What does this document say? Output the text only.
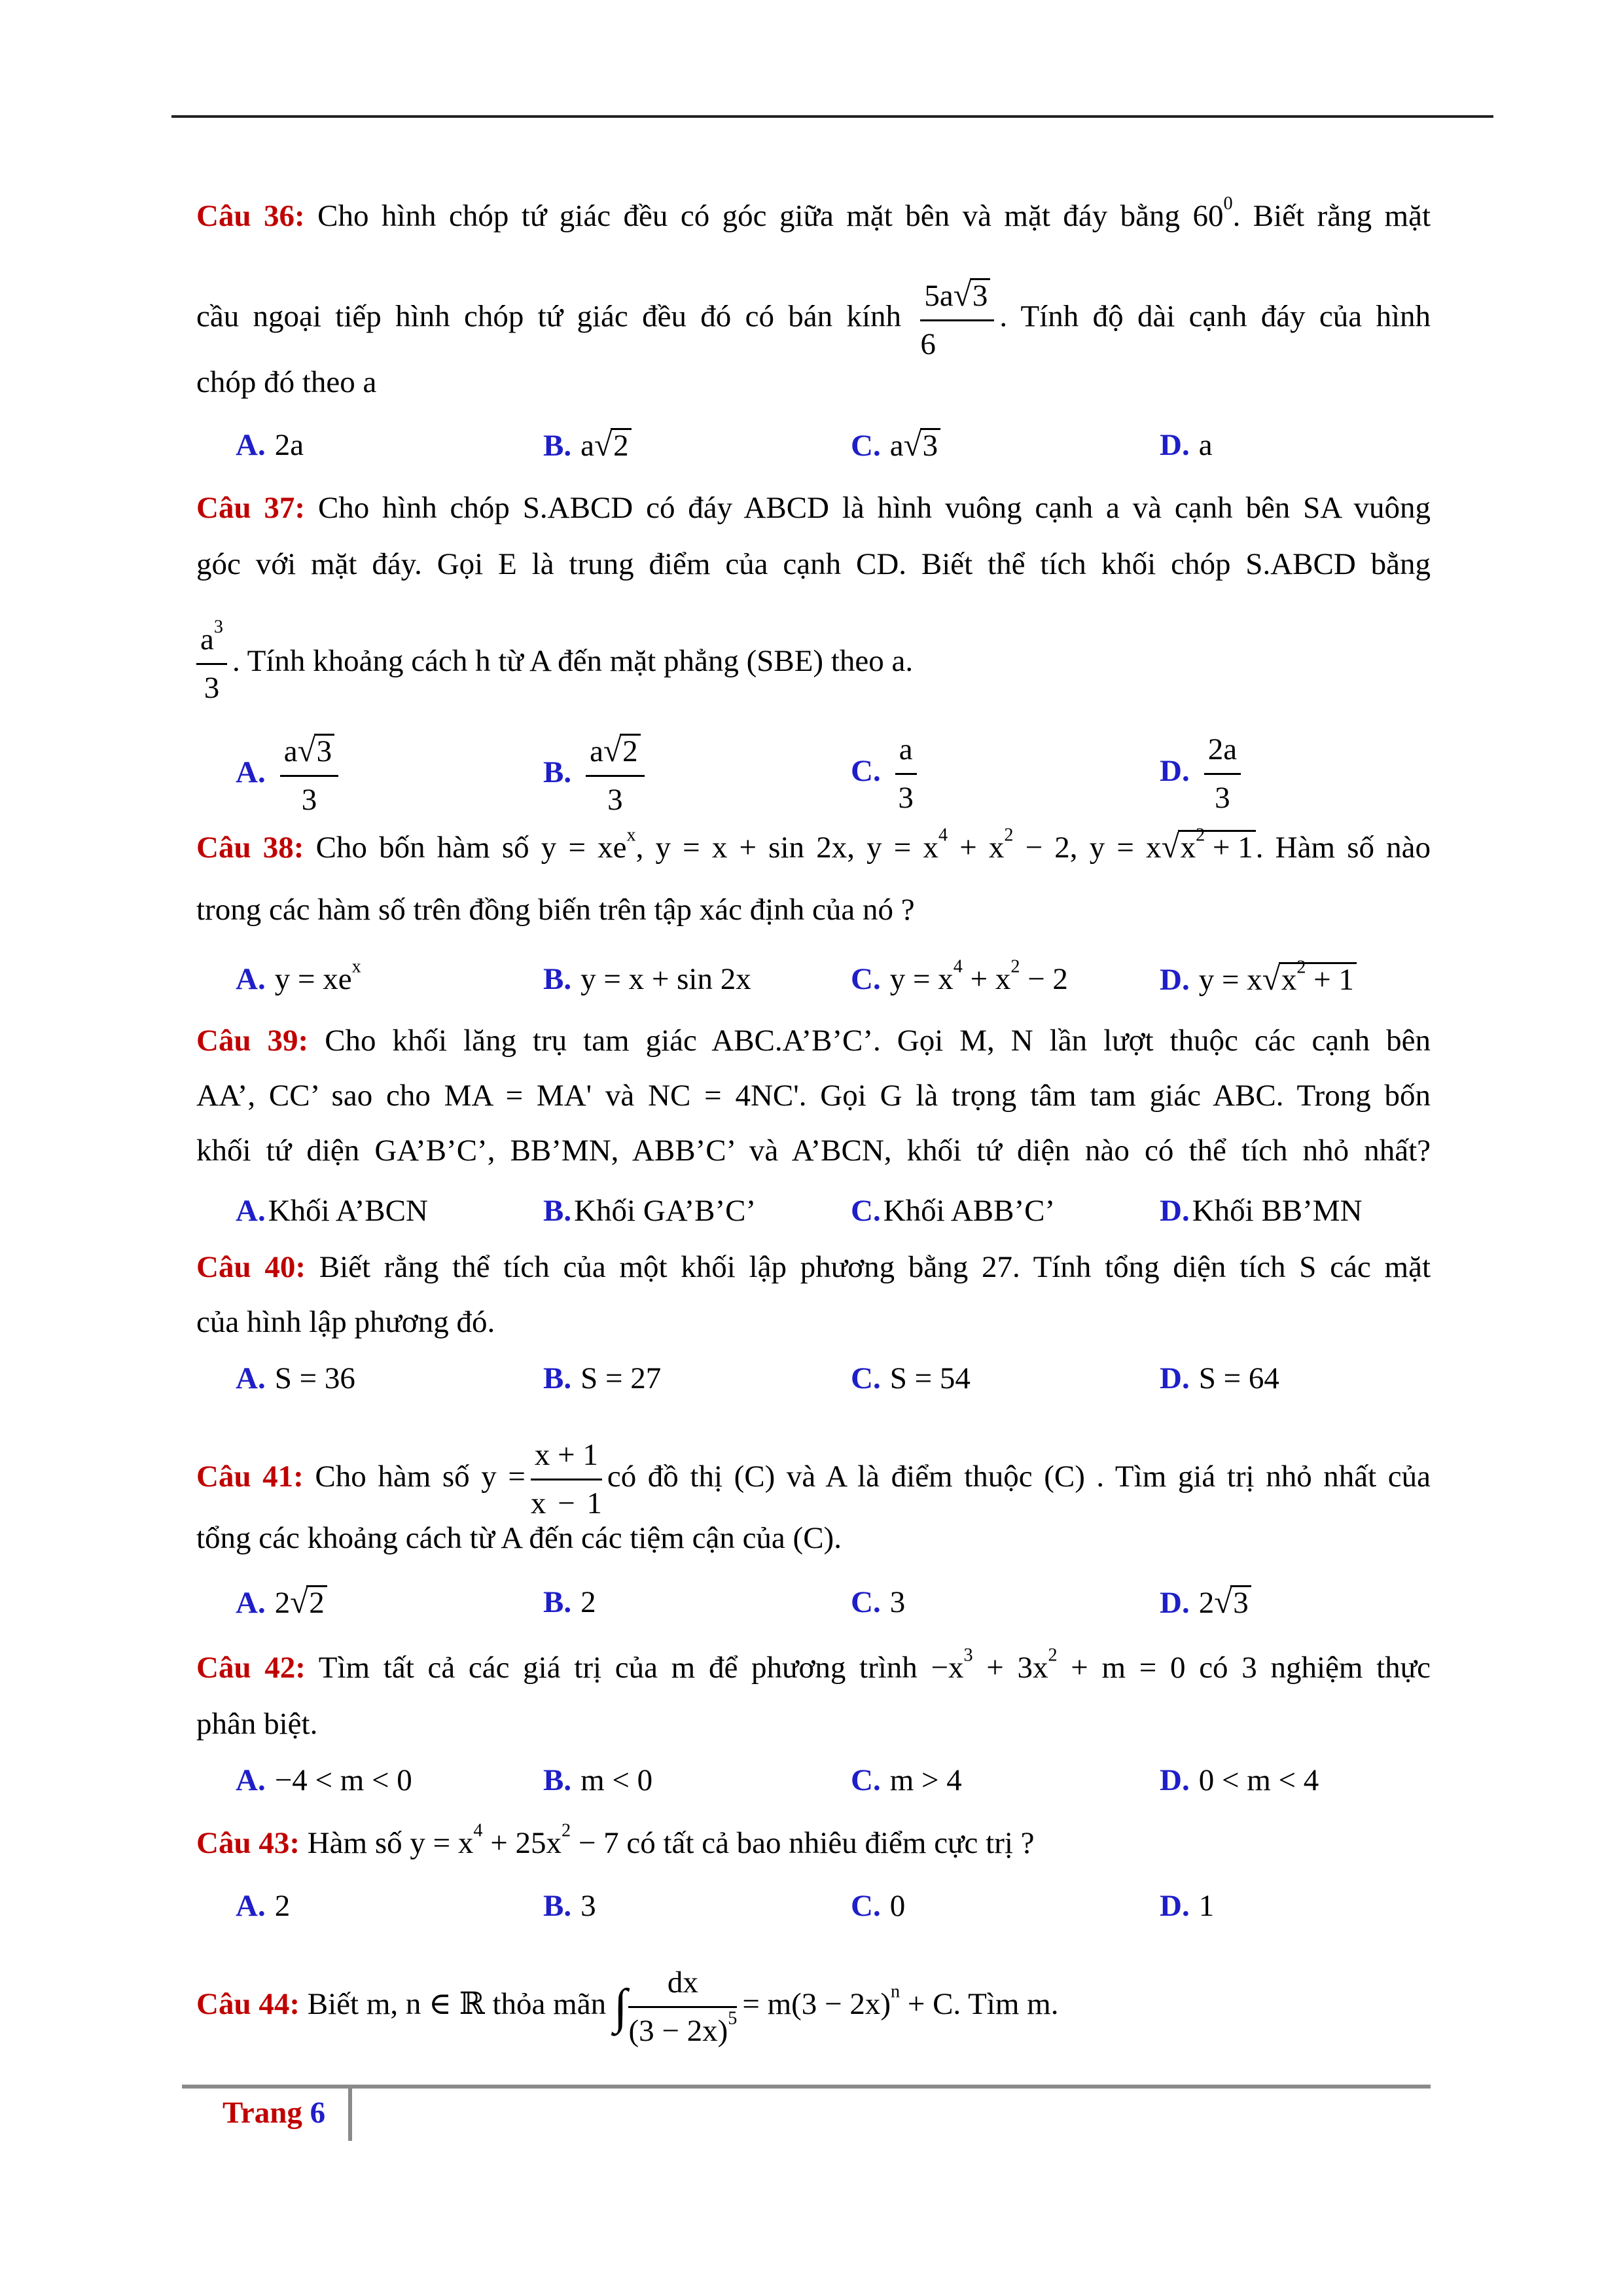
Câu 36: Cho hình chóp tứ giác đều có góc giữa mặt bên và mặt đáy bằng $60^0$. Biết rằng mặt
cầu ngoại tiếp hình chóp tứ giác đều đó có bán kính $\frac{5a√3}{6}$ . Tính độ dài cạnh đáy của hình
chóp đó theo a
A. 2a	B. a√2	C. a√3	D. a
Câu 37: Cho hình chóp S.ABCD có đáy ABCD là hình vuông cạnh a và cạnh bên SA vuông
góc với mặt đáy. Gọi E là trung điểm của cạnh CD. Biết thể tích khối chóp S.ABCD bằng
$\frac{a^3}{3}$ . Tính khoảng cách h từ A đến mặt phẳng (SBE) theo a.
A. $\frac{a√3}{3}$	B. $\frac{a√2}{3}$	C. $\frac{a}{3}$	D. $\frac{2a}{3}$
Câu 38: Cho bốn hàm số $y = xe^x$, y = x + sin 2x, $y = x^4 + x^2 - 2$, $y = x√x^2 + 1$. Hàm số nào
trong các hàm số trên đồng biến trên tập xác định của nó ?
A. $y = xe^x$	B. y = x + sin 2x	C. $y = x^4 + x^2 - 2$	D. $y = x√x^2 + 1$
Câu 39: Cho khối lăng trụ tam giác ABC.A’B’C’. Gọi M, N lần lượt thuộc các cạnh bên
AA’, CC’ sao cho MA = MA' và NC = 4NC'. Gọi G là trọng tâm tam giác ABC. Trong bốn
khối tứ diện GA’B’C’, BB’MN, ABB’C’ và A’BCN, khối tứ diện nào có thể tích nhỏ nhất?
A.Khối A’BCN	B.Khối GA’B’C’	C.Khối ABB’C’	D.Khối BB’MN
Câu 40: Biết rằng thể tích của một khối lập phương bằng 27. Tính tổng diện tích S các mặt
của hình lập phương đó.
A. S = 36	B. S = 27	C. S = 54	D. S = 64
Câu 41: Cho hàm số $y = \frac{x + 1}{x - 1}$ có đồ thị (C) và A là điểm thuộc (C) . Tìm giá trị nhỏ nhất của
tổng các khoảng cách từ A đến các tiệm cận của (C).
A. 2√2	B. 2	C. 3	D. 2√3
Câu 42: Tìm tất cả các giá trị của m để phương trình $-x^3 + 3x^2 + m = 0$ có 3 nghiệm thực
phân biệt.
A. −4 < m < 0	B. m < 0	C. m > 4	D. 0 < m < 4
Câu 43: Hàm số $y = x^4 + 25x^2 - 7$ có tất cả bao nhiêu điểm cực trị ?
A. 2	B. 3	C. 0	D. 1
Câu 44: Biết m, n ∈ ℝ thỏa mãn ∫ $\frac{dx}{(3 - 2x)^5} = m(3 - 2x)^n + C$. Tìm m.
Trang 6
